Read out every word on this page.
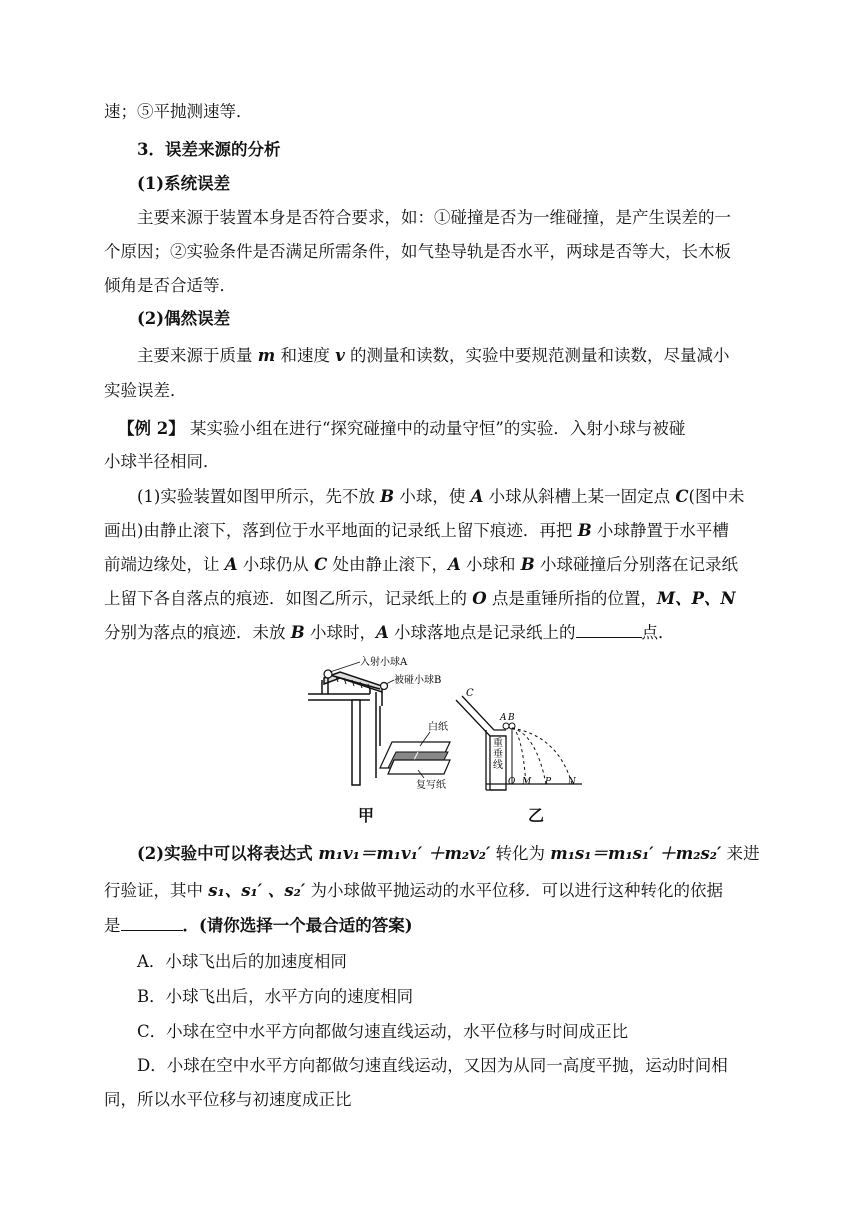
速；⑤平抛测速等．
3．误差来源的分析
(1)系统误差
主要来源于装置本身是否符合要求，如：①碰撞是否为一维碰撞，是产生误差的一
个原因；②实验条件是否满足所需条件，如气垫导轨是否水平，两球是否等大，长木板
倾角是否合适等．
(2)偶然误差
主要来源于质量 m 和速度 v 的测量和读数，实验中要规范测量和读数，尽量减小
实验误差．
【例 2】 某实验小组在进行“探究碰撞中的动量守恒”的实验．入射小球与被碰
小球半径相同．
(1)实验装置如图甲所示，先不放 B 小球，使 A 小球从斜槽上某一固定点 C(图中未
画出)由静止滚下，落到位于水平地面的记录纸上留下痕迹．再把 B 小球静置于水平槽
前端边缘处，让 A 小球仍从 C 处由静止滚下，A 小球和 B 小球碰撞后分别落在记录纸
上留下各自落点的痕迹．如图乙所示，记录纸上的 O 点是重锤所指的位置，M、P、N
分别为落点的痕迹．未放 B 小球时，A 小球落地点是记录纸上的	点．
入射小球A
被碰小球B
白纸
复写纸
C
A B
重垂线
O M P N
甲	乙
(2)实验中可以将表达式 m₁v₁＝m₁v₁′ ＋m₂v₂′ 转化为 m₁s₁＝m₁s₁′ ＋m₂s₂′ 来进
行验证，其中 s₁、s₁′ 、s₂′ 为小球做平抛运动的水平位移．可以进行这种转化的依据
是	．(请你选择一个最合适的答案)
A．小球飞出后的加速度相同
B．小球飞出后，水平方向的速度相同
C．小球在空中水平方向都做匀速直线运动，水平位移与时间成正比
D．小球在空中水平方向都做匀速直线运动，又因为从同一高度平抛，运动时间相
同，所以水平位移与初速度成正比
